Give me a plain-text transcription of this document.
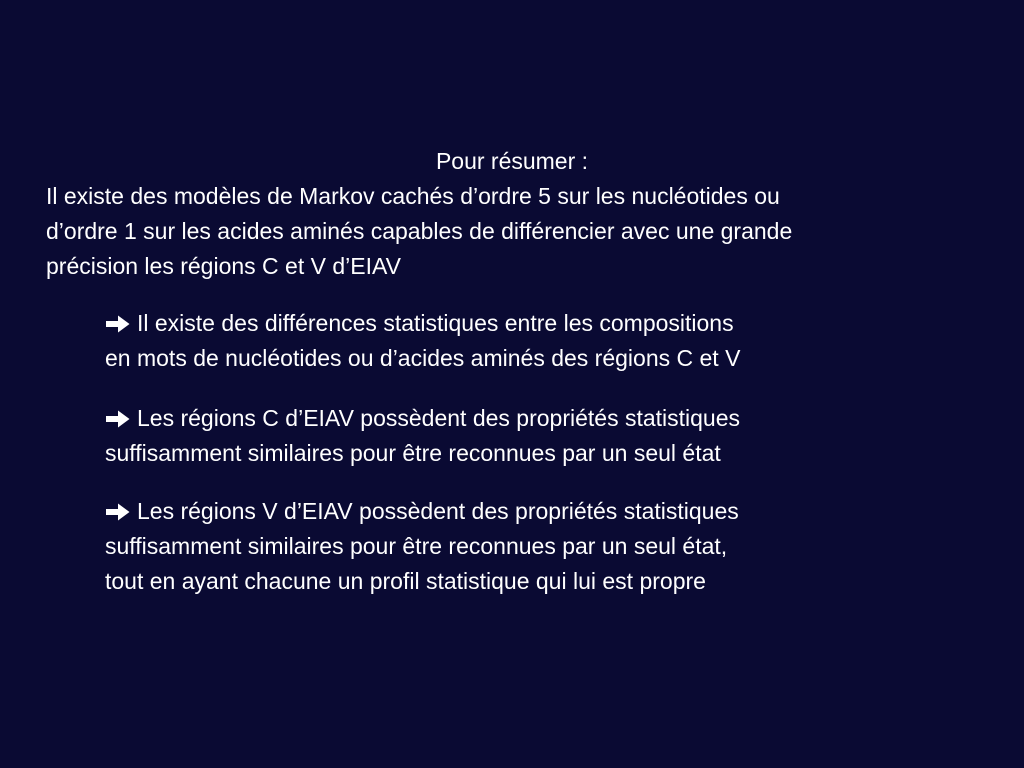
Pour résumer :
Il existe des modèles de Markov cachés d’ordre 5 sur les nucléotides ou
d’ordre 1 sur les acides aminés capables de différencier avec une grande
précision les régions C et V d’EIAV
Il existe des différences statistiques entre les compositions
en mots de nucléotides ou d’acides aminés des régions C et V
Les régions C d’EIAV possèdent des propriétés statistiques
suffisamment similaires pour être reconnues par un seul état
Les régions V d’EIAV possèdent des propriétés statistiques
suffisamment similaires pour être reconnues par un seul état,
tout en ayant chacune un profil statistique qui lui est propre
